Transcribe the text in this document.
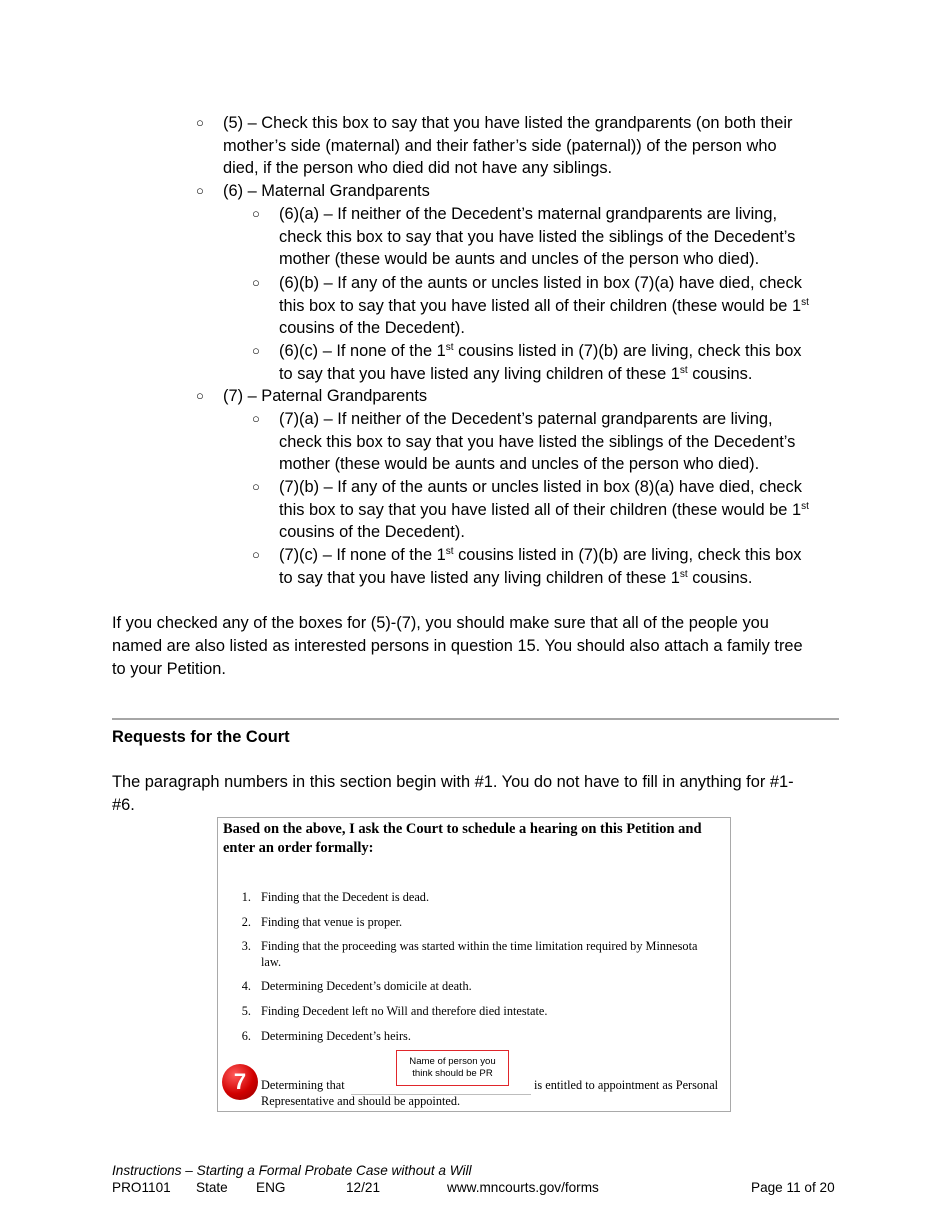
○ (5) – Check this box to say that you have listed the grandparents (on both their
mother’s side (maternal) and their father’s side (paternal)) of the person who
died, if the person who died did not have any siblings.
○ (6) – Maternal Grandparents
○ (6)(a) – If neither of the Decedent’s maternal grandparents are living,
check this box to say that you have listed the siblings of the Decedent’s
mother (these would be aunts and uncles of the person who died).
○ (6)(b) – If any of the aunts or uncles listed in box (7)(a) have died, check
this box to say that you have listed all of their children (these would be 1st
cousins of the Decedent).
○ (6)(c) – If none of the 1st cousins listed in (7)(b) are living, check this box
to say that you have listed any living children of these 1st cousins.
○ (7) – Paternal Grandparents
○ (7)(a) – If neither of the Decedent’s paternal grandparents are living,
check this box to say that you have listed the siblings of the Decedent’s
mother (these would be aunts and uncles of the person who died).
○ (7)(b) – If any of the aunts or uncles listed in box (8)(a) have died, check
this box to say that you have listed all of their children (these would be 1st
cousins of the Decedent).
○ (7)(c) – If none of the 1st cousins listed in (7)(b) are living, check this box
to say that you have listed any living children of these 1st cousins.
If you checked any of the boxes for (5)-(7), you should make sure that all of the people you
named are also listed as interested persons in question 15. You should also attach a family tree
to your Petition.
Requests for the Court
The paragraph numbers in this section begin with #1. You do not have to fill in anything for #1-
#6.
Based on the above, I ask the Court to schedule a hearing on this Petition and
enter an order formally:
1. Finding that the Decedent is dead.
2. Finding that venue is proper.
3. Finding that the proceeding was started within the time limitation required by Minnesota
law.
4. Determining Decedent’s domicile at death.
5. Finding Decedent left no Will and therefore died intestate.
6. Determining Decedent’s heirs.
7
Name of person you
think should be PR
Determining that	is entitled to appointment as Personal
Representative and should be appointed.
Instructions – Starting a Formal Probate Case without a Will
PRO1101 State ENG	12/21	www.mncourts.gov/forms	Page 11 of 20
